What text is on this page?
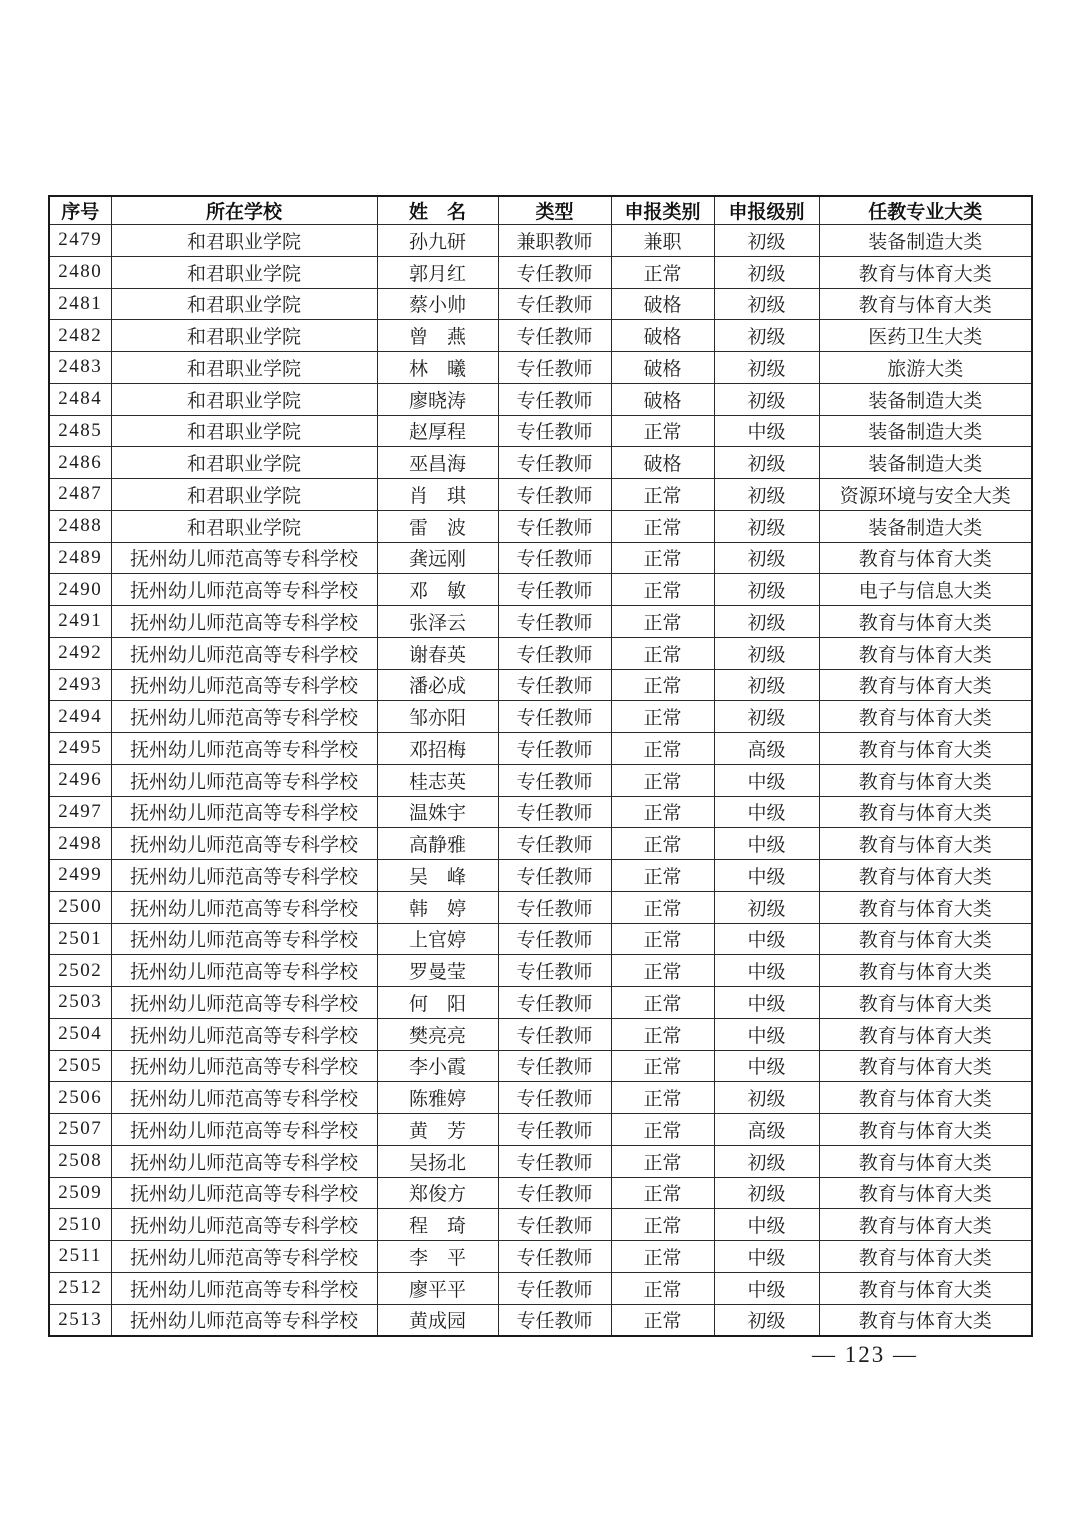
序号	所在学校	姓　名	类型	申报类别	申报级别	任教专业大类
2479	和君职业学院	孙九研	兼职教师	兼职	初级	装备制造大类
2480	和君职业学院	郭月红	专任教师	正常	初级	教育与体育大类
2481	和君职业学院	蔡小帅	专任教师	破格	初级	教育与体育大类
2482	和君职业学院	曾　燕	专任教师	破格	初级	医药卫生大类
2483	和君职业学院	林　曦	专任教师	破格	初级	旅游大类
2484	和君职业学院	廖晓涛	专任教师	破格	初级	装备制造大类
2485	和君职业学院	赵厚程	专任教师	正常	中级	装备制造大类
2486	和君职业学院	巫昌海	专任教师	破格	初级	装备制造大类
2487	和君职业学院	肖　琪	专任教师	正常	初级	资源环境与安全大类
2488	和君职业学院	雷　波	专任教师	正常	初级	装备制造大类
2489	抚州幼儿师范高等专科学校	龚远刚	专任教师	正常	初级	教育与体育大类
2490	抚州幼儿师范高等专科学校	邓　敏	专任教师	正常	初级	电子与信息大类
2491	抚州幼儿师范高等专科学校	张泽云	专任教师	正常	初级	教育与体育大类
2492	抚州幼儿师范高等专科学校	谢春英	专任教师	正常	初级	教育与体育大类
2493	抚州幼儿师范高等专科学校	潘必成	专任教师	正常	初级	教育与体育大类
2494	抚州幼儿师范高等专科学校	邹亦阳	专任教师	正常	初级	教育与体育大类
2495	抚州幼儿师范高等专科学校	邓招梅	专任教师	正常	高级	教育与体育大类
2496	抚州幼儿师范高等专科学校	桂志英	专任教师	正常	中级	教育与体育大类
2497	抚州幼儿师范高等专科学校	温姝宇	专任教师	正常	中级	教育与体育大类
2498	抚州幼儿师范高等专科学校	高静雅	专任教师	正常	中级	教育与体育大类
2499	抚州幼儿师范高等专科学校	吴　峰	专任教师	正常	中级	教育与体育大类
2500	抚州幼儿师范高等专科学校	韩　婷	专任教师	正常	初级	教育与体育大类
2501	抚州幼儿师范高等专科学校	上官婷	专任教师	正常	中级	教育与体育大类
2502	抚州幼儿师范高等专科学校	罗曼莹	专任教师	正常	中级	教育与体育大类
2503	抚州幼儿师范高等专科学校	何　阳	专任教师	正常	中级	教育与体育大类
2504	抚州幼儿师范高等专科学校	樊亮亮	专任教师	正常	中级	教育与体育大类
2505	抚州幼儿师范高等专科学校	李小霞	专任教师	正常	中级	教育与体育大类
2506	抚州幼儿师范高等专科学校	陈雅婷	专任教师	正常	初级	教育与体育大类
2507	抚州幼儿师范高等专科学校	黄　芳	专任教师	正常	高级	教育与体育大类
2508	抚州幼儿师范高等专科学校	吴扬北	专任教师	正常	初级	教育与体育大类
2509	抚州幼儿师范高等专科学校	郑俊方	专任教师	正常	初级	教育与体育大类
2510	抚州幼儿师范高等专科学校	程　琦	专任教师	正常	中级	教育与体育大类
2511	抚州幼儿师范高等专科学校	李　平	专任教师	正常	中级	教育与体育大类
2512	抚州幼儿师范高等专科学校	廖平平	专任教师	正常	中级	教育与体育大类
2513	抚州幼儿师范高等专科学校	黄成园	专任教师	正常	初级	教育与体育大类
— 123 —
